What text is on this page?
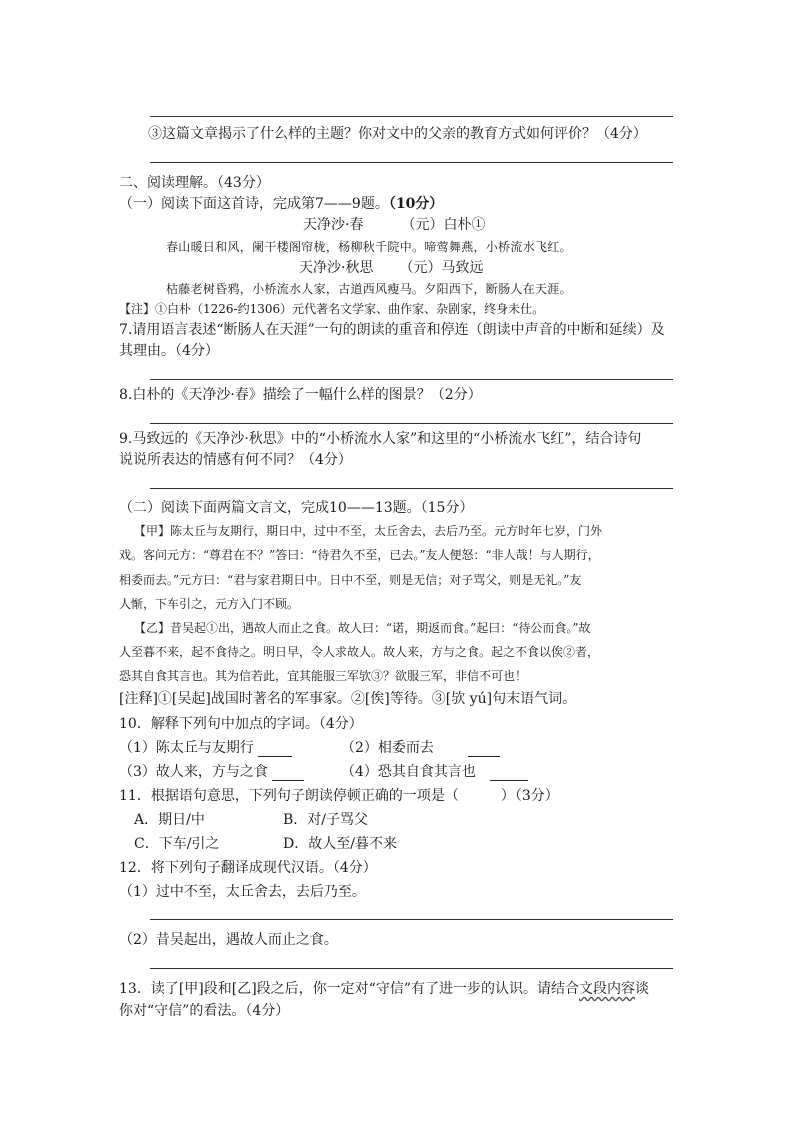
③这篇文章揭示了什么样的主题？你对文中的父亲的教育方式如何评价？（4分）
二、阅读理解。（43分）
（一）阅读下面这首诗，完成第7——9题。（10分）
天净沙·春	（元）白朴①
春山暖日和风，阑干楼阁帘栊，杨柳秋千院中。啼莺舞燕，小桥流水飞红。
天净沙·秋思 （元）马致远
枯藤老树昏鸦，小桥流水人家，古道西风瘦马。夕阳西下，断肠人在天涯。
【注】①白朴（1226-约1306）元代著名文学家、曲作家、杂剧家，终身未仕。
7.请用语言表述“断肠人在天涯”一句的朗读的重音和停连（朗读中声音的中断和延续）及
其理由。（4分）
8.白朴的《天净沙·春》描绘了一幅什么样的图景？（2分）
9.马致远的《天净沙·秋思》中的“小桥流水人家”和这里的“小桥流水飞红”，结合诗句
说说所表达的情感有何不同？（4分）
（二）阅读下面两篇文言文，完成10——13题。（15分）
【甲】陈太丘与友期行，期日中，过中不至，太丘舍去，去后乃至。元方时年七岁，门外
戏。客问元方：“尊君在不？”答曰：“待君久不至，已去。”友人便怒：“非人哉！与人期行，
相委而去。”元方曰：“君与家君期日中。日中不至，则是无信；对子骂父，则是无礼。”友
人惭，下车引之，元方入门不顾。
【乙】昔吴起①出，遇故人而止之食。故人曰：“诺，期返而食。”起曰：“待公而食。”故
人至暮不来，起不食待之。明日早，令人求故人。故人来，方与之食。起之不食以俟②者，
恐其自食其言也。其为信若此，宜其能服三军欤③？欲服三军，非信不可也！
[注释]①[吴起]战国时著名的军事家。②[俟]等待。③[欤 yú]句末语气词。
10．解释下列句中加点的字词。（4分）
（1）陈太丘与友期行	（2）相委而去
（3）故人来，方与之食	（4）恐其自食其言也
11．根据语句意思，下列句子朗读停顿正确的一项是（　　　）（3分）
A．期日/中	B．对/子骂父
C．下车/引之	D．故人至/暮不来
12．将下列句子翻译成现代汉语。（4分）
（1）过中不至，太丘舍去，去后乃至。
（2）昔吴起出，遇故人而止之食。
13．读了[甲]段和[乙]段之后，你一定对“守信”有了进一步的认识。请结合文段内容谈
你对“守信”的看法。（4分）
